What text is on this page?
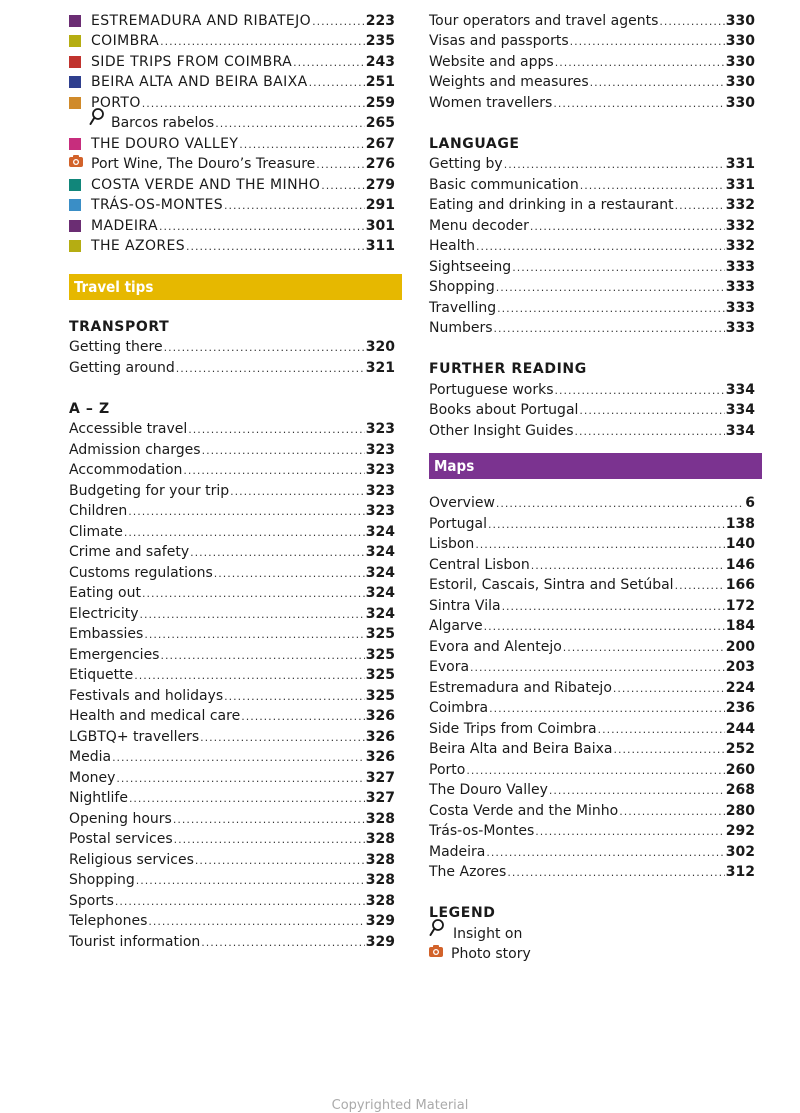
ESTREMADURA AND RIBATEJO .....	223
COIMBRA .....	235
SIDE TRIPS FROM COIMBRA .....	243
BEIRA ALTA AND BEIRA BAIXA .....	251
PORTO .....	259
Barcos rabelos .....	265
THE DOURO VALLEY .....	267
Port Wine, The Douro’s Treasure .....	276
COSTA VERDE AND THE MINHO .....	279
TRÁS-OS-MONTES .....	291
MADEIRA .....	301
THE AZORES .....	311
Travel tips
TRANSPORT
Getting there .....	320
Getting around .....	321
A – Z
Accessible travel .....	323
Admission charges .....	323
Accommodation .....	323
Budgeting for your trip .....	323
Children .....	323
Climate .....	324
Crime and safety .....	324
Customs regulations .....	324
Eating out .....	324
Electricity .....	324
Embassies .....	325
Emergencies .....	325
Etiquette .....	325
Festivals and holidays .....	325
Health and medical care .....	326
LGBTQ+ travellers .....	326
Media .....	326
Money .....	327
Nightlife .....	327
Opening hours .....	328
Postal services .....	328
Religious services .....	328
Shopping .....	328
Sports .....	328
Telephones .....	329
Tourist information .....	329
Tour operators and travel agents .....	330
Visas and passports .....	330
Website and apps .....	330
Weights and measures .....	330
Women travellers .....	330
LANGUAGE
Getting by .....	331
Basic communication .....	331
Eating and drinking in a restaurant .....	332
Menu decoder .....	332
Health .....	332
Sightseeing .....	333
Shopping .....	333
Travelling .....	333
Numbers .....	333
FURTHER READING
Portuguese works .....	334
Books about Portugal .....	334
Other Insight Guides .....	334
Maps
Overview .....	6
Portugal .....	138
Lisbon .....	140
Central Lisbon .....	146
Estoril, Cascais, Sintra and Setúbal .....	166
Sintra Vila .....	172
Algarve .....	184
Evora and Alentejo .....	200
Evora .....	203
Estremadura and Ribatejo .....	224
Coimbra .....	236
Side Trips from Coimbra .....	244
Beira Alta and Beira Baixa .....	252
Porto .....	260
The Douro Valley .....	268
Costa Verde and the Minho .....	280
Trás-os-Montes .....	292
Madeira .....	302
The Azores .....	312
LEGEND
Insight on
Photo story
Copyrighted Material
